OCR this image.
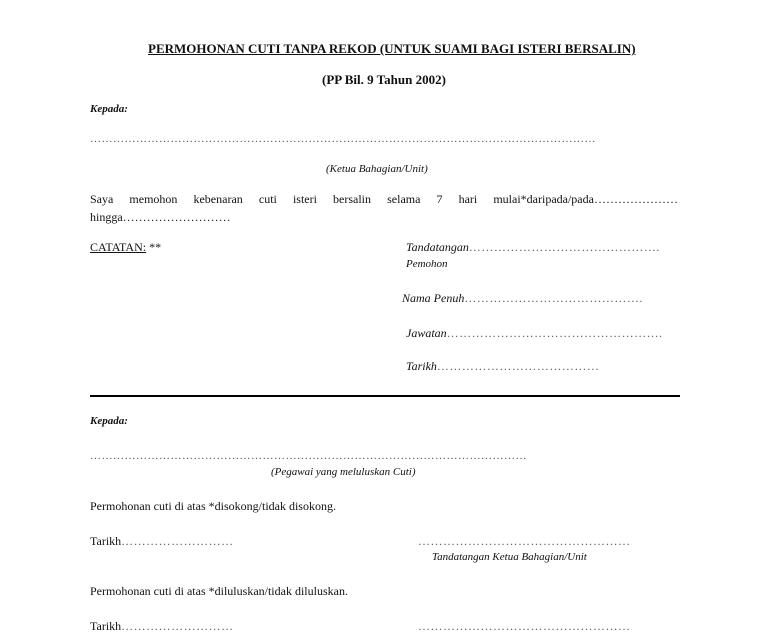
PERMOHONAN CUTI TANPA REKOD (UNTUK SUAMI BAGI ISTERI BERSALIN)
(PP Bil. 9 Tahun 2002)
Kepada:
……………………………………………………………………………………………………………………
(Ketua Bahagian/Unit)
Saya memohon kebenaran cuti isteri bersalin selama 7 hari mulai*daripada/pada…………………
hingga………………………
CATATAN: **	Tandatangan……………………………………….
Pemohon
Nama Penuh…………………………………….
Jawatan…………………………………………….
Tarikh…………………………………
Kepada:
……………………………………………………………………………………………………
(Pegawai yang meluluskan Cuti)
Permohonan cuti di atas *disokong/tidak disokong.
Tarikh………………………	……………………………………………
Tandatangan Ketua Bahagian/Unit
Permohonan cuti di atas *diluluskan/tidak diluluskan.
Tarikh………………………	……………………………………………
